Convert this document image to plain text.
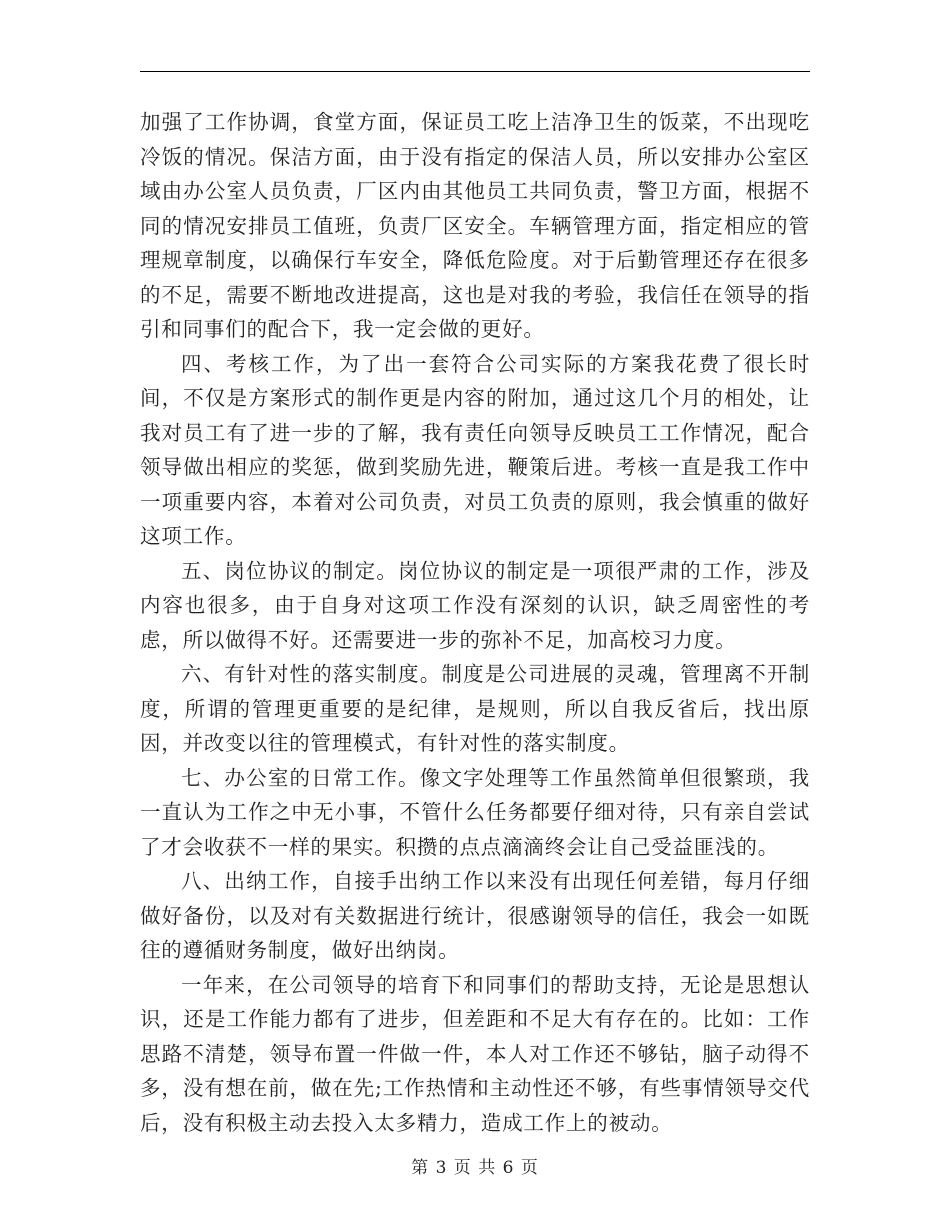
加强了工作协调，食堂方面，保证员工吃上洁净卫生的饭菜，不出现吃冷饭的情况。保洁方面，由于没有指定的保洁人员，所以安排办公室区域由办公室人员负责，厂区内由其他员工共同负责，警卫方面，根据不同的情况安排员工值班，负责厂区安全。车辆管理方面，指定相应的管理规章制度，以确保行车安全，降低危险度。对于后勤管理还存在很多的不足，需要不断地改进提高，这也是对我的考验，我信任在领导的指引和同事们的配合下，我一定会做的更好。

四、考核工作，为了出一套符合公司实际的方案我花费了很长时间，不仅是方案形式的制作更是内容的附加，通过这几个月的相处，让我对员工有了进一步的了解，我有责任向领导反映员工工作情况，配合领导做出相应的奖惩，做到奖励先进，鞭策后进。考核一直是我工作中一项重要内容，本着对公司负责，对员工负责的原则，我会慎重的做好这项工作。

五、岗位协议的制定。岗位协议的制定是一项很严肃的工作，涉及内容也很多，由于自身对这项工作没有深刻的认识，缺乏周密性的考虑，所以做得不好。还需要进一步的弥补不足，加高校习力度。

六、有针对性的落实制度。制度是公司进展的灵魂，管理离不开制度，所谓的管理更重要的是纪律，是规则，所以自我反省后，找出原因，并改变以往的管理模式，有针对性的落实制度。

七、办公室的日常工作。像文字处理等工作虽然简单但很繁琐，我一直认为工作之中无小事，不管什么任务都要仔细对待，只有亲自尝试了才会收获不一样的果实。积攒的点点滴滴终会让自己受益匪浅的。

八、出纳工作，自接手出纳工作以来没有出现任何差错，每月仔细做好备份，以及对有关数据进行统计，很感谢领导的信任，我会一如既往的遵循财务制度，做好出纳岗。

一年来，在公司领导的培育下和同事们的帮助支持，无论是思想认识，还是工作能力都有了进步，但差距和不足大有存在的。比如：工作思路不清楚，领导布置一件做一件，本人对工作还不够钻，脑子动得不多，没有想在前，做在先;工作热情和主动性还不够，有些事情领导交代后，没有积极主动去投入太多精力，造成工作上的被动。

第 3 页 共 6 页
